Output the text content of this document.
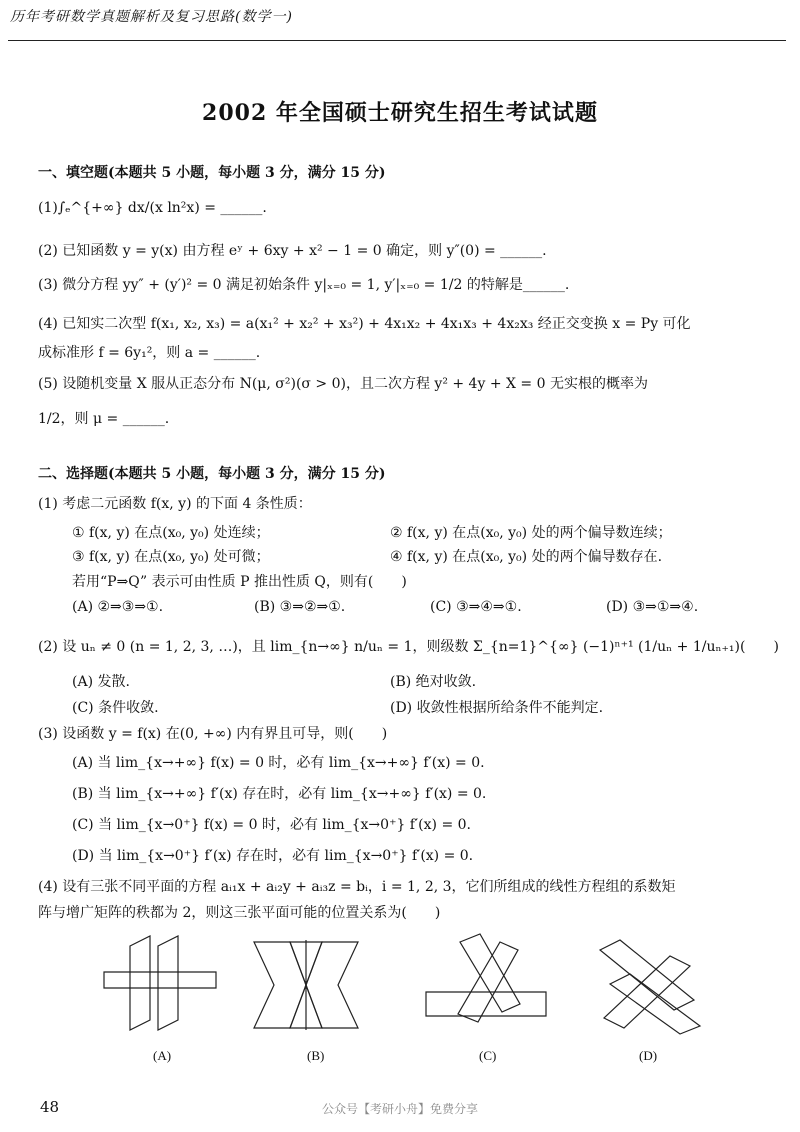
历年考研数学真题解析及复习思路(数学一)
2002 年全国硕士研究生招生考试试题
一、填空题(本题共 5 小题，每小题 3 分，满分 15 分)
(1)∫ₑ^{+∞} dx/(x ln²x) = ______.
(2) 已知函数 y = y(x) 由方程 eʸ + 6xy + x² − 1 = 0 确定，则 y″(0) = ______.
(3) 微分方程 yy″ + (y′)² = 0 满足初始条件 y|ₓ₌₀ = 1, y′|ₓ₌₀ = 1/2 的特解是______.
(4) 已知实二次型 f(x₁, x₂, x₃) = a(x₁² + x₂² + x₃²) + 4x₁x₂ + 4x₁x₃ + 4x₂x₃ 经正交变换 x = Py 可化
成标准形 f = 6y₁²，则 a = ______.
(5) 设随机变量 X 服从正态分布 N(μ, σ²)(σ > 0)，且二次方程 y² + 4y + X = 0 无实根的概率为
1/2，则 μ = ______.
二、选择题(本题共 5 小题，每小题 3 分，满分 15 分)
(1) 考虑二元函数 f(x, y) 的下面 4 条性质：
① f(x, y) 在点(x₀, y₀) 处连续；	② f(x, y) 在点(x₀, y₀) 处的两个偏导数连续；
③ f(x, y) 在点(x₀, y₀) 处可微；	④ f(x, y) 在点(x₀, y₀) 处的两个偏导数存在.
若用“P⇒Q” 表示可由性质 P 推出性质 Q，则有(　　)
(A) ②⇒③⇒①.	(B) ③⇒②⇒①.	(C) ③⇒④⇒①.	(D) ③⇒①⇒④.
(2) 设 uₙ ≠ 0 (n = 1, 2, 3, …)，且 lim_{n→∞} n/uₙ = 1，则级数 Σ_{n=1}^{∞} (−1)ⁿ⁺¹ (1/uₙ + 1/uₙ₊₁)(　　)
(A) 发散.	(B) 绝对收敛.
(C) 条件收敛.	(D) 收敛性根据所给条件不能判定.
(3) 设函数 y = f(x) 在(0, +∞) 内有界且可导，则(　　)
(A) 当 lim_{x→+∞} f(x) = 0 时，必有 lim_{x→+∞} f′(x) = 0.
(B) 当 lim_{x→+∞} f′(x) 存在时，必有 lim_{x→+∞} f′(x) = 0.
(C) 当 lim_{x→0⁺} f(x) = 0 时，必有 lim_{x→0⁺} f′(x) = 0.
(D) 当 lim_{x→0⁺} f′(x) 存在时，必有 lim_{x→0⁺} f′(x) = 0.
(4) 设有三张不同平面的方程 aᵢ₁x + aᵢ₂y + aᵢ₃z = bᵢ，i = 1, 2, 3，它们所组成的线性方程组的系数矩
阵与增广矩阵的秩都为 2，则这三张平面可能的位置关系为(　　)
(A)	(B)	(C)	(D)
48	公众号【考研小舟】免费分享
